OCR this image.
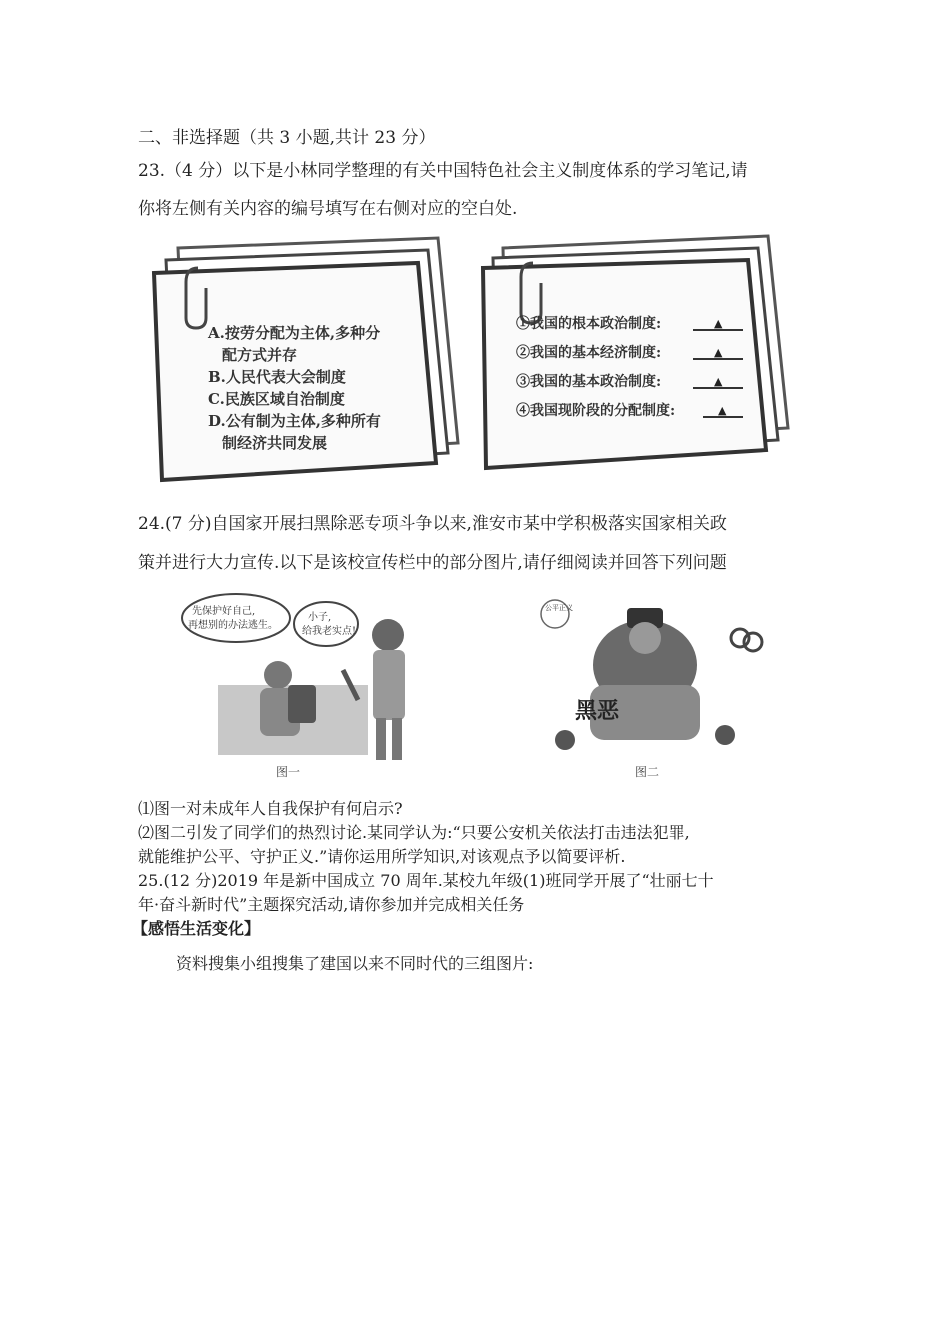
二、非选择题（共 3 小题,共计 23 分）
23.（4 分）以下是小林同学整理的有关中国特色社会主义制度体系的学习笔记,请
你将左侧有关内容的编号填写在右侧对应的空白处.
A.按劳分配为主体,多种分
配方式并存
B.人民代表大会制度
C.民族区域自治制度
D.公有制为主体,多种所有
制经济共同发展
①我国的根本政治制度:
②我国的基本经济制度:
③我国的基本政治制度:
④我国现阶段的分配制度:
▲
▲
▲
▲
24.(7 分)自国家开展扫黑除恶专项斗争以来,淮安市某中学积极落实国家相关政
策并进行大力宣传.以下是该校宣传栏中的部分图片,请仔细阅读并回答下列问题
先保护好自己,
再想别的办法逃生。
小子,
给我老实点!
图一
公平正义
黑恶
图二
⑴图一对未成年人自我保护有何启示?
⑵图二引发了同学们的热烈讨论.某同学认为:“只要公安机关依法打击违法犯罪,
就能维护公平、守护正义.”请你运用所学知识,对该观点予以简要评析.
25.(12 分)2019 年是新中国成立 70 周年.某校九年级(1)班同学开展了“壮丽七十
年·奋斗新时代”主题探究活动,请你参加并完成相关任务
【感悟生活变化】
资料搜集小组搜集了建国以来不同时代的三组图片:
